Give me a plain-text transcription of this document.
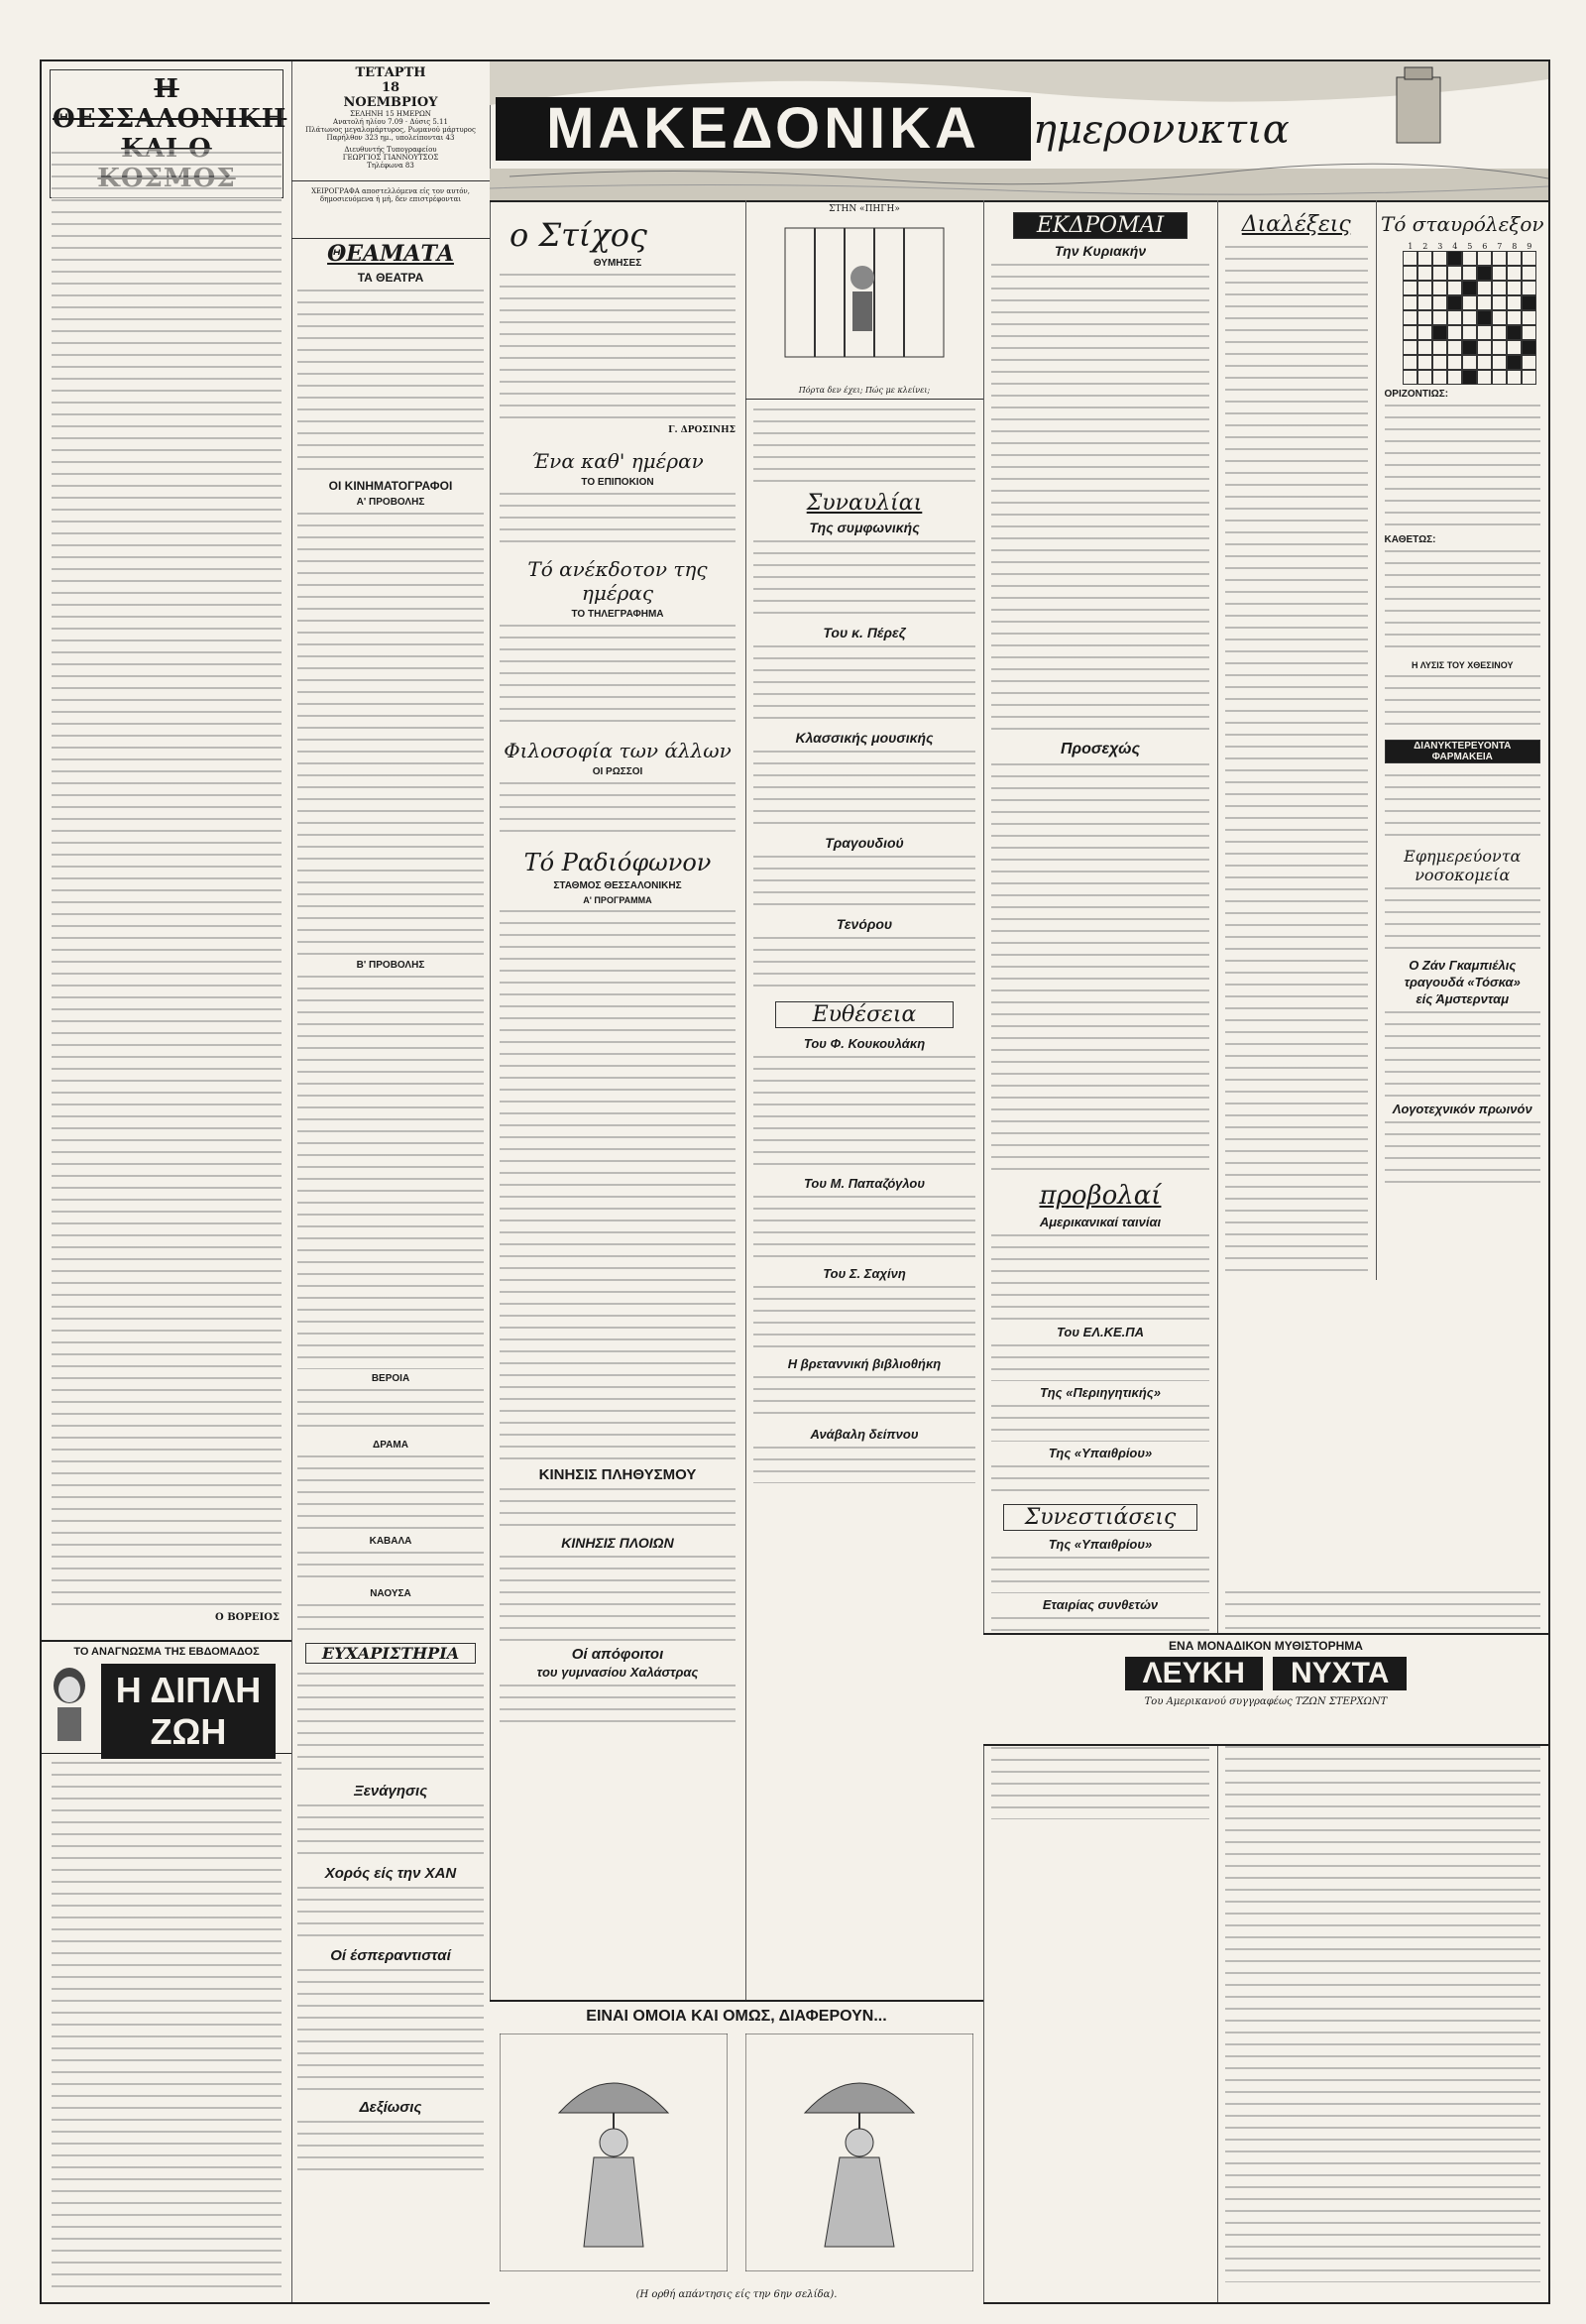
Η ΘΕΣΣΑΛΟΝΙΚΗ

Ο ΒΟΡΕΙΟΣ
ΤΟ ΑΝΑΓΝΩΣΜΑ ΤΗΣ ΕΒΔΟΜΑΔΟΣ
Η ΔΙΠΛΗ ΖΩΗ
ΤΕΤΑΡΤΗ
18
ΝΟΕΜΒΡΙΟΥ
ΣΕΛΗΝΗ 15 ΗΜΕΡΩΝ
Ανατολή ηλίου 7.09 · Δύσις 5.11
Πλάτωνος μεγαλομάρτυρος, Ρωμανού μάρτυρος
Παρήλθον 323 ημ., υπολείπονται 43
Διευθυντής Τυπογραφείου
ΓΕΩΡΓΙΟΣ ΓΙΑΝΝΟΥΤΣΟΣ
Τηλέφωνα 83
ΧΕΙΡΟΓΡΑΦΑ αποστελλόμενα είς τον αυτόν, δημοσιευόμενα ή μή, δεν επιστρέφονται
ΘΕΑΜΑΤΑ
ΤΑ ΘΕΑΤΡΑ
ΟΙ ΚΙΝΗΜΑΤΟΓΡΑΦΟΙ
Α' ΠΡΟΒΟΛΗΣ
Β' ΠΡΟΒΟΛΗΣ
ΒΕΡΟΙΑ
ΔΡΑΜΑ
ΚΑΒΑΛΑ
ΝΑΟΥΣΑ
ΕΥΧΑΡΙΣΤΗΡΙΑ
Ξενάγησις
Χορός είς την ΧΑΝ
Οί έσπεραντισταί
Δεξίωσις
ΜΑΚΕΔΟΝΙΚΑ	ημερονυκτια
ο Στίχος
ΘΥΜΗΣΕΣ
Γ. ΔΡΟΣΙΝΗΣ
Ένα καθ' ημέραν
ΤΟ ΕΠΙΠΟΚΙΟΝ
Τό ανέκδοτον της ημέρας
ΤΟ ΤΗΛΕΓΡΑΦΗΜΑ
Φιλοσοφία των άλλων
ΟΙ ΡΩΣΣΟΙ
Τό Ραδιόφωνον
ΣΤΑΘΜΟΣ ΘΕΣΣΑΛΟΝΙΚΗΣ
Α' ΠΡΟΓΡΑΜΜΑ
ΚΙΝΗΣΙΣ ΠΛΗΘΥΣΜΟΥ
ΚΙΝΗΣΙΣ ΠΛΟΙΩΝ
Οί απόφοιτοι
του γυμνασίου Χαλάστρας
ΣΤΗΝ «ΠΗΓΗ»
Πόρτα δεν έχει; Πώς με κλείνει;
Συναυλίαι
Της συμφωνικής
Του κ. Πέρεζ
Κλασσικής μουσικής
Τραγουδιού
Τενόρου
Ευθέσεια
Του Φ. Κουκουλάκη
Του Μ. Παπαζόγλου
Του Σ. Σαχίνη
Η βρεταννική βιβλιοθήκη
Ανάβαλη δείπνου
ΕΙΝΑΙ ΟΜΟΙΑ ΚΑΙ ΟΜΩΣ, ΔΙΑΦΕΡΟΥΝ...
(Η ορθή απάντησις είς την 6ην σελίδα).
ΕΚΔΡΟΜΑΙ
Την Κυριακήν
Προσεχώς
προβολαί
Αμερικανικαί ταινίαι
Του ΕΛ.ΚΕ.ΠΑ
Της «Περιηγητικής»
Της «Υπαιθρίου»
Συνεστιάσεις
Της «Υπαιθρίου»
Εταιρίας συνθετών
Διαλέξεις	Τό σταυρόλεξον
1	2	3	4	5	6	7	8	9
ΟΡΙΖΟΝΤΙΩΣ:
ΚΑΘΕΤΩΣ:
Η ΛΥΣΙΣ ΤΟΥ ΧΘΕΣΙΝΟΥ
ΔΙΑΝΥΚΤΕΡΕΥΟΝΤΑ ΦΑΡΜΑΚΕΙΑ
Εφημερεύοντα νοσοκομεία
Ο Ζάν Γκαμπιέλις
τραγουδά «Τόσκα»
είς Άμστερνταμ
Λογοτεχνικόν πρωινόν
ΕΝΑ ΜΟΝΑΔΙΚΟΝ ΜΥΘΙΣΤΟΡΗΜΑ
ΛΕΥΚΗ	ΝΥΧΤΑ
Του Αμερικανού συγγραφέως ΤΖΩΝ ΣΤΕΡΧΩΝΤ
